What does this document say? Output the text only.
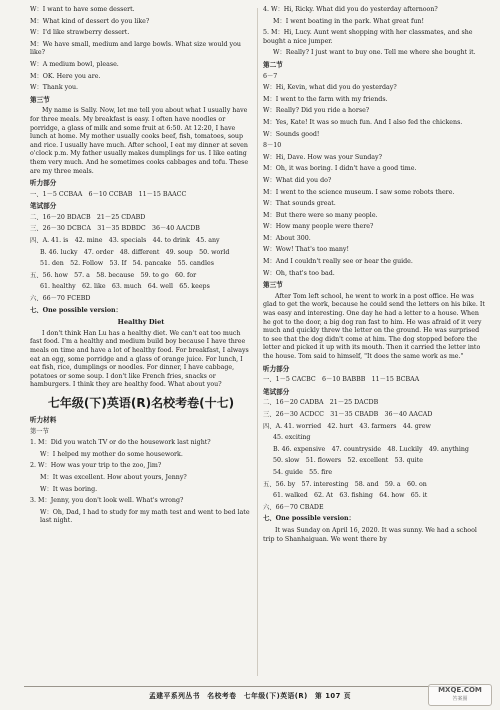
W：I want to have some dessert.

M：What kind of dessert do you like?

W：I'd like strawberry dessert.

M：We have small, medium and large bowls. What size would you like?

W：A medium bowl, please.

M：OK. Here you are.

W：Thank you.

第三节

My name is Sally. Now, let me tell you about what I usually have for three meals. My breakfast is easy. I often have noodles or porridge, a glass of milk and some fruit at 6:50. At 12:20, I have lunch at home. My mother usually cooks beef, fish, tomatoes, soup and rice. I usually have much. After school, I eat my dinner at seven o'clock p.m. My father usually makes dumplings for us. I like eating them very much. And he sometimes cooks cabbages and tofu. These are my three meals.

听力部分

一、1－5 CCBAA　6－10 CCBAB　11－15 BAACC

笔试部分

二、16－20 BDACB　21－25 CDABD

三、26－30 DCBCA　31－35 BDBDC　36－40 AACDB

四、A. 41. is　42. mine　43. specials　44. to drink　45. any

B. 46. lucky　47. order　48. different　49. soup　50. world

51. den　52. Follow　53. If　54. pancake　55. candles

五、56. how　57. a　58. because　59. to go　60. for

61. healthy　62. like　63. much　64. well　65. keeps

六、66－70 FCEBD

七、One possible version：

Healthy Diet

I don't think Han Lu has a healthy diet. We can't eat too much fast food. I'm a healthy and medium build boy because I have three meals on time and have a lot of healthy food. For breakfast, I always eat an egg, some porridge and a glass of orange juice. For lunch, I eat fish, rice, dumplings or noodles. For dinner, I have cabbage, potatoes or some soup. I don't like French fries, snacks or hamburgers. I think they are healthy food. What about you?

七年级(下)英语(R)名校考卷(十七)

听力材料

第一节

1. M：Did you watch TV or do the housework last night?

W：I helped my mother do some housework.

2. W：How was your trip to the zoo, Jim?

M：It was excellent. How about yours, Jenny?

W：It was boring.

3. M：Jenny, you don't look well. What's wrong?

W：Oh, Dad, I had to study for my math test and went to bed late last night.

4. W：Hi, Ricky. What did you do yesterday afternoon?

M：I went boating in the park. What great fun!

5. M：Hi, Lucy. Aunt went shopping with her classmates, and she bought a nice jumper.

W：Really? I just want to buy one. Tell me where she bought it.

第二节

6－7

W：Hi, Kevin, what did you do yesterday?

M：I went to the farm with my friends.

W：Really? Did you ride a horse?

M：Yes, Kate! It was so much fun. And I also fed the chickens.

W：Sounds good!

8－10

W：Hi, Dave. How was your Sunday?

M：Oh, it was boring. I didn't have a good time.

W：What did you do?

M：I went to the science museum. I saw some robots there.

W：That sounds great.

M：But there were so many people.

W：How many people were there?

M：About 300.

W：Wow! That's too many!

M：And I couldn't really see or hear the guide.

W：Oh, that's too bad.

第三节

After Tom left school, he went to work in a post office. He was glad to get the work, because he could send the letters on his bike. It was easy and interesting. One day he had a letter to a house. When he got to the door, a big dog ran fast to him. He was afraid of it very much and quickly threw the letter on the ground. He was surprised to see that the dog didn't come at him. The dog stopped before the letter and picked it up with its mouth. Then it carried the letter into the house. Tom said to himself, "It does the same work as me."

听力部分

一、1－5 CACBC　6－10 BABBB　11－15 BCBAA

笔试部分

二、16－20 CADBA　21－25 DACDB

三、26－30 ACDCC　31－35 CBADB　36－40 AACAD

四、A. 41. worried　42. hurt　43. farmers　44. grew

45. exciting

B. 46. expensive　47. countryside　48. Luckily　49. anything

50. slow　51. flowers　52. excellent　53. quite

54. guide　55. fire

五、56. by　57. interesting　58. and　59. a　60. on

61. walked　62. At　63. fishing　64. how　65. it

六、66－70 CBADE

七、One possible version：

It was Sunday on April 16, 2020. It was sunny. We had a school trip to Shanhaiguan. We went there by

孟建平系列丛书　名校考卷　七年级(下)英语(R)　第 107 页
MXQE.COM
答案圈
